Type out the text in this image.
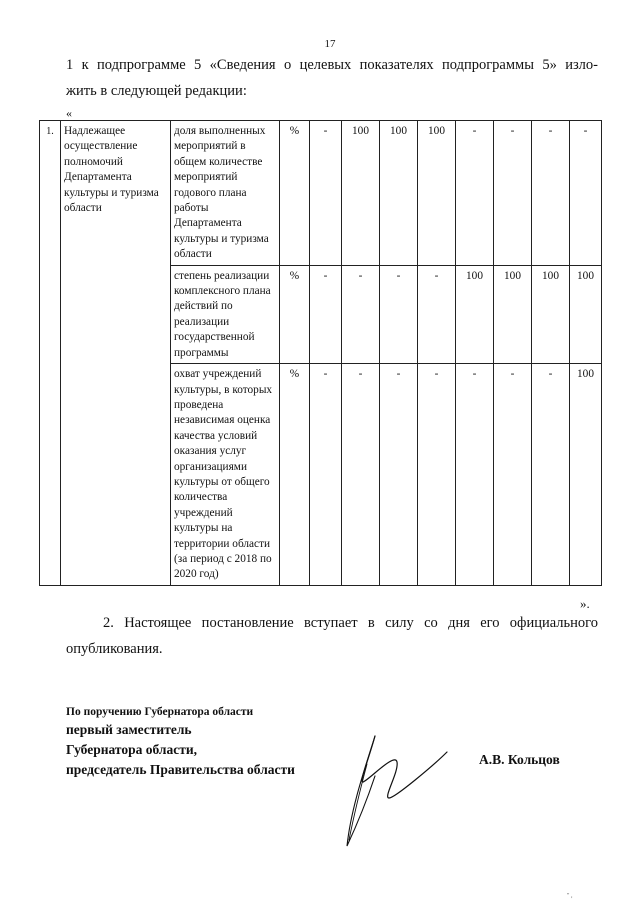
17
1 к подпрограмме 5 «Сведения о целевых показателях подпрограммы 5» изло-
жить в следующей редакции:
«
1.	Надлежащее осуществление полномочий Департамента культуры и туризма области	доля выполненных мероприятий в общем количестве мероприятий годового плана работы Департамента культуры и туризма области	%	-	100	100	100	-	-	-	-
		степень реализации комплексного плана действий по реализации государственной программы	%	-	-	-	-	100	100	100	100
		охват учреждений культуры, в которых проведена независимая оценка качества условий оказания услуг организациями культуры от общего количества учреждений культуры на территории области (за период с 2018 по 2020 год)	%	-	-	-	-	-	-	-	100
».
2. Настоящее постановление вступает в силу со дня его официального
опубликования.
По поручению Губернатора области
первый заместитель
Губернатора области,
председатель Правительства области
А.В. Кольцов
" ,
